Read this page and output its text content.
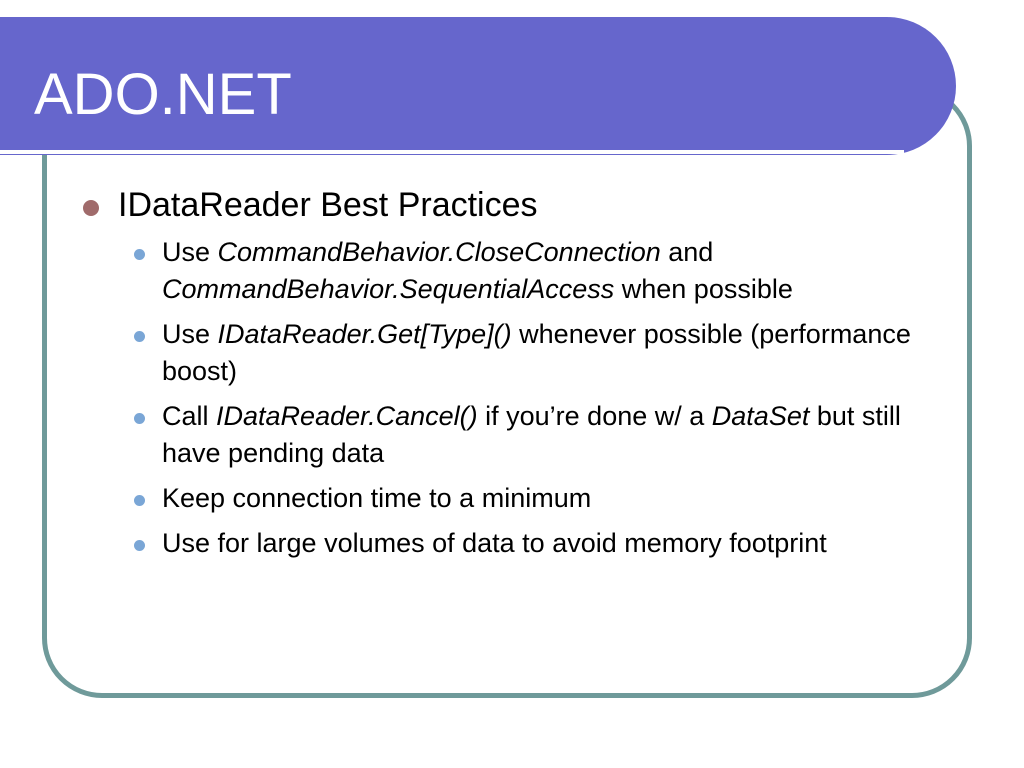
ADO.NET
IDataReader Best Practices
Use CommandBehavior.CloseConnection and CommandBehavior.SequentialAccess when possible
Use IDataReader.Get[Type]() whenever possible (performance boost)
Call IDataReader.Cancel() if you’re done w/ a DataSet but still have pending data
Keep connection time to a minimum
Use for large volumes of data to avoid memory footprint
